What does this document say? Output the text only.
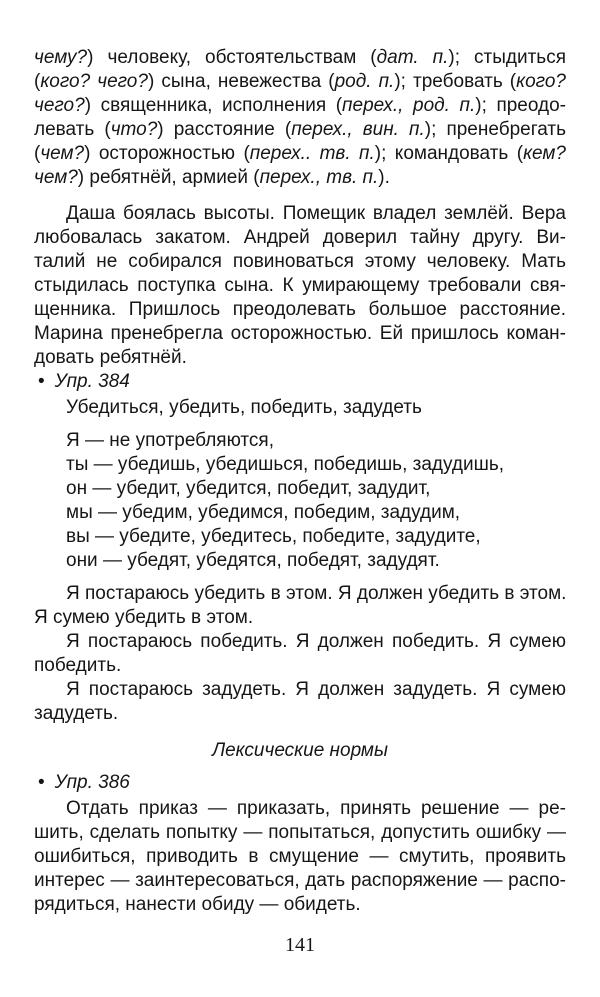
чему?) человеку, обстоятельствам (дат. п.); стыдиться
(кого? чего?) сына, невежества (род. п.); требовать (кого?
чего?) священника, исполнения (перех., род. п.); преодо-
левать (что?) расстояние (перех., вин. п.); пренебрегать
(чем?) осторожностью (перех.. тв. п.); командовать (кем?
чем?) ребятнёй, армией (перех., тв. п.).
Даша боялась высоты. Помещик владел землёй. Вера
любовалась закатом. Андрей доверил тайну другу. Ви-
талий не собирался повиноваться этому человеку. Мать
стыдилась поступка сына. К умирающему требовали свя-
щенника. Пришлось преодолевать большое расстояние.
Марина пренебрегла осторожностью. Ей пришлось коман-
довать ребятнёй.
• Упр. 384
Убедиться, убедить, победить, задудеть
Я — не употребляются,
ты — убедишь, убедишься, победишь, задудишь,
он — убедит, убедится, победит, задудит,
мы — убедим, убедимся, победим, задудим,
вы — убедите, убедитесь, победите, задудите,
они — убедят, убедятся, победят, задудят.
Я постараюсь убедить в этом. Я должен убедить в этом.
Я сумею убедить в этом.
Я постараюсь победить. Я должен победить. Я сумею
победить.
Я постараюсь задудеть. Я должен задудеть. Я сумею
задудеть.
Лексические нормы
• Упр. 386
Отдать приказ — приказать, принять решение — ре-
шить, сделать попытку — попытаться, допустить ошибку —
ошибиться, приводить в смущение — смутить, проявить
интерес — заинтересоваться, дать распоряжение — распо-
рядиться, нанести обиду — обидеть.
141
